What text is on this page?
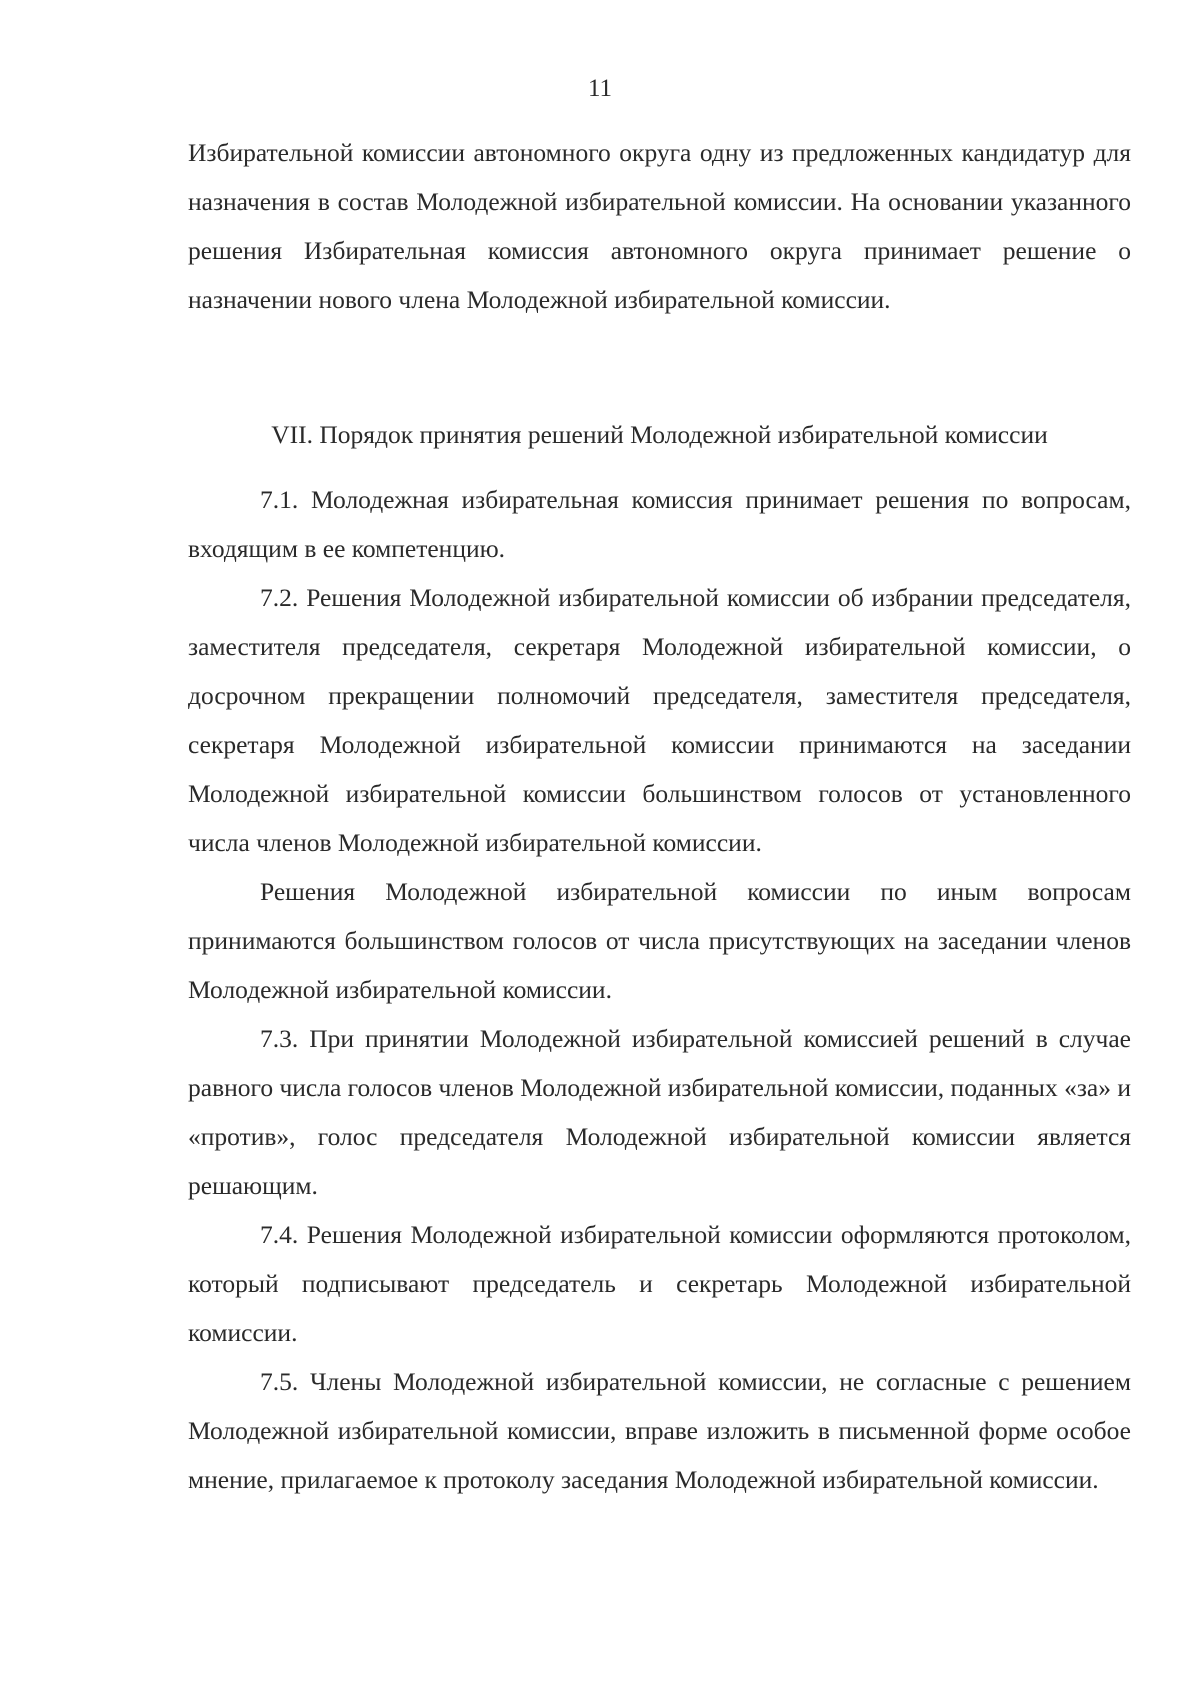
11

Избирательной комиссии автономного округа одну из предложенных кандидатур для назначения в состав Молодежной избирательной комиссии. На основании указанного решения Избирательная комиссия автономного округа принимает решение о назначении нового члена Молодежной избирательной комиссии.

VII. Порядок принятия решений Молодежной избирательной комиссии

7.1. Молодежная избирательная комиссия принимает решения по вопросам, входящим в ее компетенцию.

7.2. Решения Молодежной избирательной комиссии об избрании председателя, заместителя председателя, секретаря Молодежной избирательной комиссии, о досрочном прекращении полномочий председателя, заместителя председателя, секретаря Молодежной избирательной комиссии принимаются на заседании Молодежной избирательной комиссии большинством голосов от установленного числа членов Молодежной избирательной комиссии.

Решения Молодежной избирательной комиссии по иным вопросам принимаются большинством голосов от числа присутствующих на заседании членов Молодежной избирательной комиссии.

7.3. При принятии Молодежной избирательной комиссией решений в случае равного числа голосов членов Молодежной избирательной комиссии, поданных «за» и «против», голос председателя Молодежной избирательной комиссии является решающим.

7.4. Решения Молодежной избирательной комиссии оформляются протоколом, который подписывают председатель и секретарь Молодежной избирательной комиссии.

7.5. Члены Молодежной избирательной комиссии, не согласные с решением Молодежной избирательной комиссии, вправе изложить в письменной форме особое мнение, прилагаемое к протоколу заседания Молодежной избирательной комиссии.
